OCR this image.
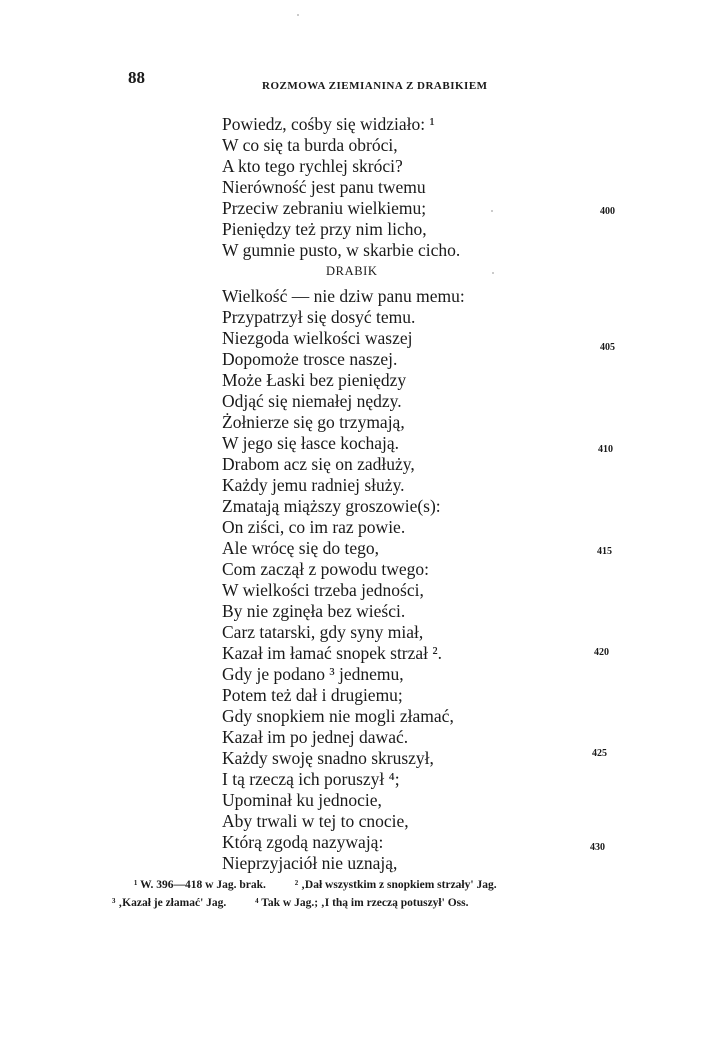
88	ROZMOWA ZIEMIANINA Z DRABIKIEM
Powiedz, cośby się widziało: ¹
W co się ta burda obróci,
A kto tego rychlej skróci?
Nierówność jest panu twemu
Przeciw zebraniu wielkiemu;
Pieniędzy też przy nim licho,
W gumnie pusto, w skarbie cicho.
DRABIK
Wielkość — nie dziw panu memu:
Przypatrzył się dosyć temu.
Niezgoda wielkości waszej
Dopomoże trosce naszej.
Może Łaski bez pieniędzy
Odjąć się niemałej nędzy.
Żołnierze się go trzymają,
W jego się łasce kochają.
Drabom acz się on zadłuży,
Każdy jemu radniej służy.
Zmatają miąższy groszowie(s):
On ziści, co im raz powie.
Ale wrócę się do tego,
Com zaczął z powodu twego:
W wielkości trzeba jedności,
By nie zginęła bez wieści.
Carz tatarski, gdy syny miał,
Kazał im łamać snopek strzał ².
Gdy je podano ³ jednemu,
Potem też dał i drugiemu;
Gdy snopkiem nie mogli złamać,
Kazał im po jednej dawać.
Każdy swoję snadno skruszył,
I tą rzeczą ich poruszył ⁴;
Upominał ku jednocie,
Aby trwali w tej to cnocie,
Którą zgodą nazywają:
Nieprzyjaciół nie uznają,
400
405
410
415
420
425
430
¹ W. 396—418 w Jag. brak.	² ‚Dał wszystkim z snopkiem strzały' Jag.
³ ‚Kazał je złamać' Jag.	⁴ Tak w Jag.; ‚I thą im rzeczą potuszył' Oss.
